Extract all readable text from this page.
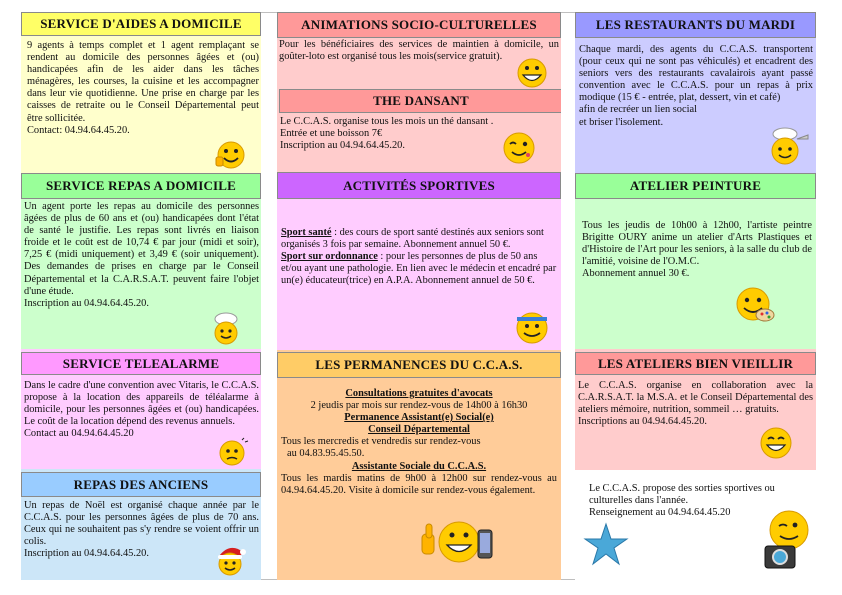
SERVICE D'AIDES A DOMICILE
9 agents à temps complet et 1 agent remplaçant se rendent au domicile des personnes âgées et (ou) handicapées afin de les aider dans les tâches ménagères, les courses, la cuisine et les accompagner dans leur vie quotidienne. Une prise en charge par les caisses de retraite ou le Conseil Départemental peut être sollicitée.
Contact: 04.94.64.45.20.
SERVICE REPAS A DOMICILE
Un agent porte les repas au domicile des personnes âgées de plus de 60 ans et (ou) handicapées dont l'état de santé le justifie. Les repas sont livrés en liaison froide et le coût est de 10,74 € par jour (midi et soir), 7,25 € (midi uniquement) et 3,49 € (soir uniquement). Des demandes de prises en charge par le Conseil Départemental et la C.A.R.S.A.T. peuvent faire l'objet d'une étude.
Inscription au 04.94.64.45.20.
SERVICE TELEALARME
Dans le cadre d'une convention avec Vitaris, le C.C.A.S. propose à la location des appareils de téléalarme à domicile, pour les personnes âgées et (ou) handicapées. Le coût de la location dépend des revenus annuels.
Contact au 04.94.64.45.20
REPAS DES ANCIENS
Un repas de Noël est organisé chaque année par le C.C.A.S. pour les personnes âgées de plus de 70 ans. Ceux qui ne souhaitent pas s'y rendre se voient offrir un colis.
Inscription au 04.94.64.45.20.
ANIMATIONS SOCIO-CULTURELLES
Pour les bénéficiaires des services de maintien à domicile, un goûter-loto est organisé tous les mois(service gratuit).
THE DANSANT
Le C.C.A.S. organise tous les mois un thé dansant . Entrée et une boisson 7€
Inscription au 04.94.64.45.20.
ACTIVITÉS SPORTIVES
Sport santé : des cours de sport santé destinés aux seniors sont organisés 3 fois par semaine. Abonnement annuel 50 €.
Sport sur ordonnance : pour les personnes de plus de 50 ans et/ou ayant une pathologie. En lien avec le médecin et encadré par un(e) éducateur(trice) en A.P.A. Abonnement annuel de 50 €.
LES PERMANENCES DU C.C.A.S.
Consultations gratuites d'avocats
2 jeudis par mois sur rendez-vous de 14h00 à 16h30
Permanence Assistant(e) Social(e)
Conseil Départemental
Tous les mercredis et vendredis sur rendez-vous
au 04.83.95.45.50.
Assistante Sociale du C.C.A.S.
Tous les mardis matins de 9h00 à 12h00 sur rendez-vous au 04.94.64.45.20. Visite à domicile sur rendez-vous également.
LES RESTAURANTS DU MARDI
Chaque mardi, des agents du C.C.A.S. transportent (pour ceux qui ne sont pas véhiculés) et encadrent des seniors vers des restaurants cavalairois ayant passé convention avec le C.C.A.S. pour un repas à prix modique (15 € - entrée, plat, dessert, vin et café)
afin de recréer un lien social
et briser l'isolement.
ATELIER PEINTURE
Tous les jeudis de 10h00 à 12h00, l'artiste peintre Brigitte OURY anime un atelier d'Arts Plastiques et d'Histoire de l'Art pour les seniors, à la salle du club de l'amitié, voisine de l'O.M.C.
Abonnement annuel 30 €.
LES ATELIERS BIEN VIEILLIR
Le C.C.A.S. organise en collaboration avec la C.A.R.S.A.T. la M.S.A. et le Conseil Départemental des ateliers mémoire, nutrition, sommeil … gratuits.
Inscriptions au 04.94.64.45.20.
Le C.C.A.S. propose des sorties sportives ou culturelles dans l'année.
Renseignement au 04.94.64.45.20
